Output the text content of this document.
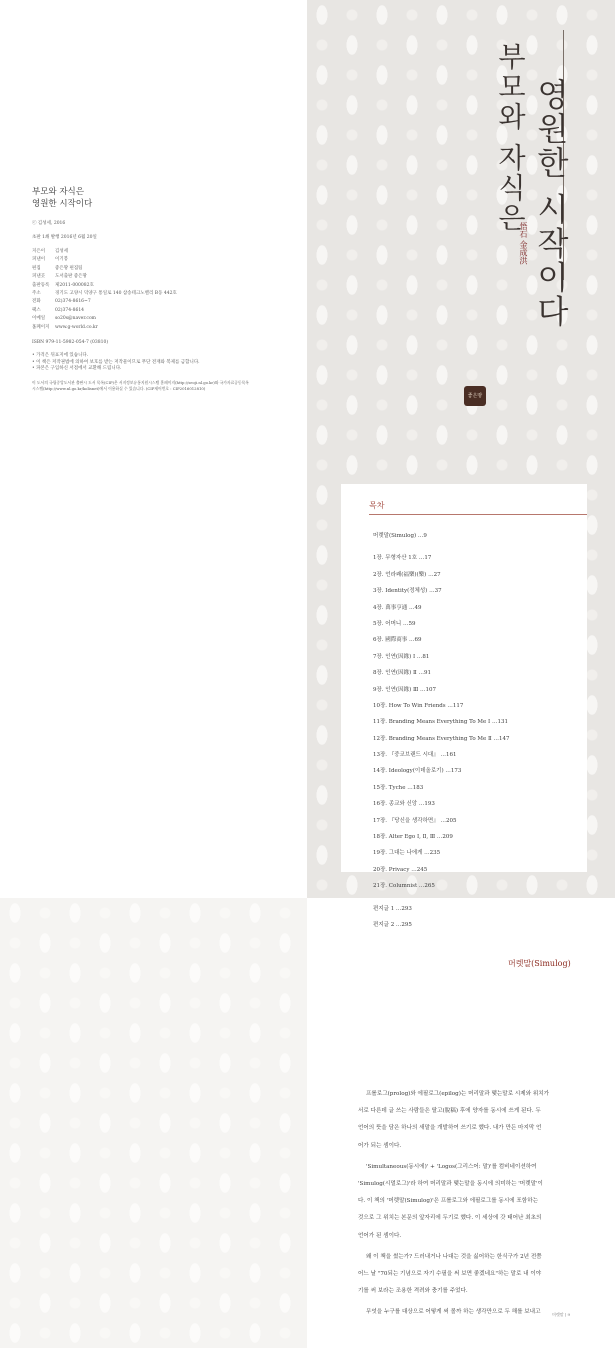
부모와 자식은
영원한 시작이다
ⓒ 김성세, 2016
초판 1쇄 발행 2016년 6월 20일
지은이	김성세
펴낸이	이기봉
편집	좋은땅 편집팀
펴낸곳	도서출판 좋은땅
출판등록	제2011-000082호
주소	경기도 고양시 덕양구 통일로 140 삼송테크노밸리 B동 442호
전화	02)374-8616~7
팩스	02)374-8614
이메일	so20s@naver.com
홈페이지	www.g-world.co.kr
ISBN 979-11-5982-054-7 (03810)
• 가격은 뒤표지에 있습니다.
• 이 책은 저작권법에 의하여 보호를 받는 저작물이므로 무단 전재와 복제를 금합니다.
• 파본은 구입하신 서점에서 교환해 드립니다.
이 도서의 국립중앙도서관 출판시 도서 목록(CIP)은 서지정보유통지원시스템 홈페이지(http://seoji.nl.go.kr)와 국가자료공동목록
시스템(http://www.nl.go.kr/kolisnet)에서 이용하실 수 있습니다. (CIP제어번호 : CIP2016012810)
영원한 시작이다
부모와 자식은
悟石 金成洪
좋은땅
목차
머렛말(Simulog) …9
1장. 무형자산 1호 …17
2장. 언라쾌(福樂)(樂) …27
3장. Identity(정체성) …37
4장. 萬事亨通 …49
5장. 어머니 …59
6장. 國際商事 …69
7장. 인연(因緣) Ⅰ …81
8장. 인연(因緣) Ⅱ …91
9장. 인연(因緣) Ⅲ …107
10장. How To Win Friends …117
11장. Branding Means Everything To Me Ⅰ …131
12장. Branding Means Everything To Me Ⅱ …147
13장. 『중코브랜드 시대』 …161
14장. Ideology(이데올로기) …173
15장. Tyche …183
16장. 종교와 신앙 …193
17장. 『당신을 생각하면』 …205
18장. Alter Ego Ⅰ, Ⅱ, Ⅲ …209
19장. 그대는 나에게 …235
20장. Privacy …245
21장. Columnist …265
편지글 1 …293
편지글 2 …295
머렛말(Simulog)
프롤로그(prolog)와 에필로그(epilog)는 머리말과 맺는말로 시제와 위치가
서로 다른데 글 쓰는 사람들은 탈고(脫稿) 후에 양자를 동시에 쓰게 된다. 두
언어의 뜻을 담은 하나의 새말을 개발하여 쓰기로 했다. 내가 만든 마지막 언
어가 되는 셈이다.
'Simultaneous(동시에)' + 'Logos(그리스어: 말)'를 컴비네이션하여
'Simulog(시멀로그)'라 하여 머리말과 맺는말을 동시에 의미하는 '머렛말'이
다. 이 책의 '머렛말(Simulog)'은 프롤로그와 에필로그를 동시에 포함하는
것으로 그 위치는 본문의 앞자리에 두기로 했다. 이 세상에 갓 태어난 최초의
언어가 된 셈이다.
왜 이 책을 썼는가? 드러내거나 나대는 것을 싫어하는 한식구가 2년 전쯤
어느 날 "70되는 기념으로 자기 수필을 써 보면 좋겠네요"하는 말로 내 이야
기를 써 보라는 조용한 격려와 충기를 주었다.
무엇을 누구를 대상으로 어떻게 써 볼까 하는 생각만으로 두 해를 보내고	머렛말 | 9
